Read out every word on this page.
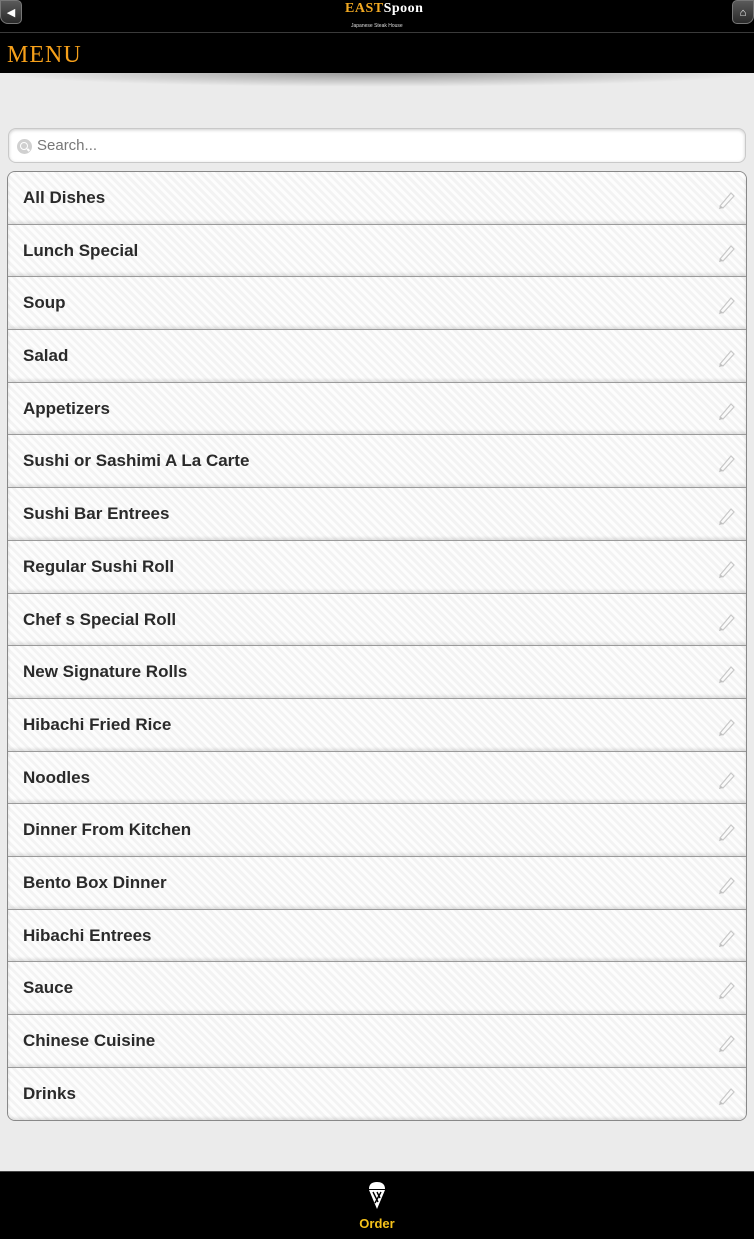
◀	EASTSpoon
Japanese Steak House
⌂
MENU
Search...
All Dishes
Lunch Special
Soup
Salad
Appetizers
Sushi or Sashimi A La Carte
Sushi Bar Entrees
Regular Sushi Roll
Chef s Special Roll
New Signature Rolls
Hibachi Fried Rice
Noodles
Dinner From Kitchen
Bento Box Dinner
Hibachi Entrees
Sauce
Chinese Cuisine
Drinks
Order
